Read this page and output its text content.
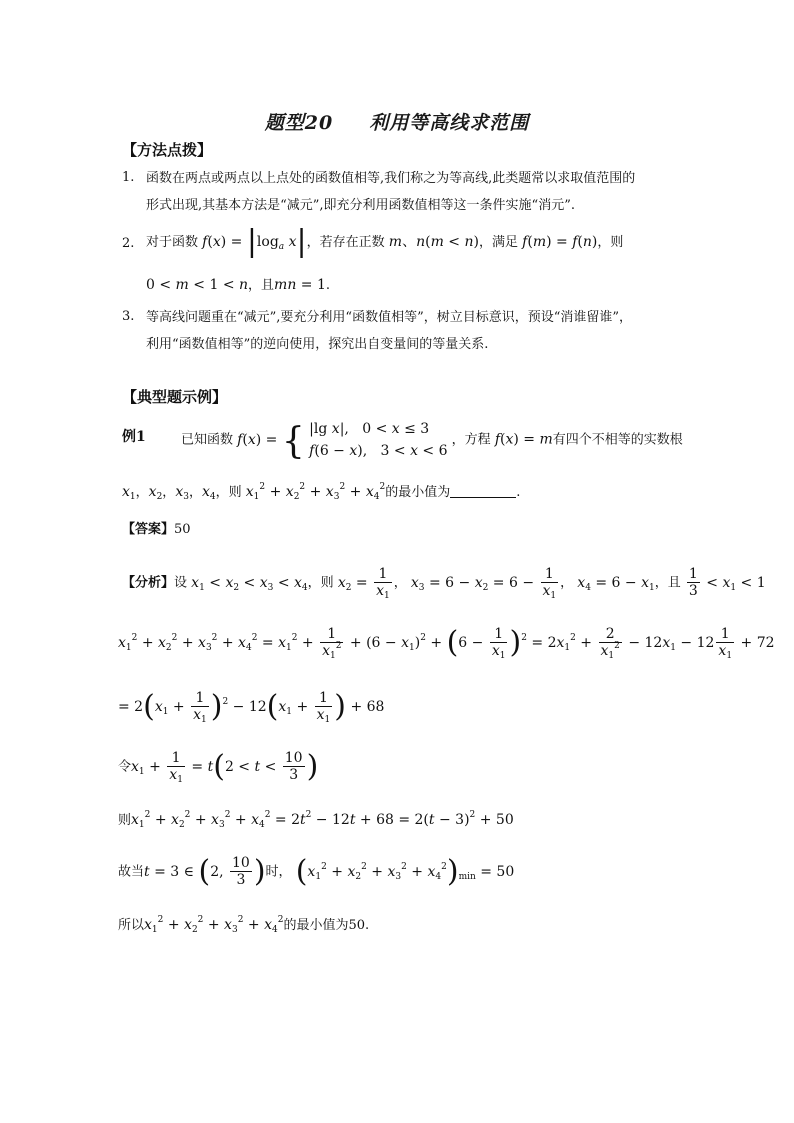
题型20 利用等高线求范围
【方法点拨】
1. 函数在两点或两点以上点处的函数值相等,我们称之为等高线,此类题常以求取值范围的
形式出现,其基本方法是“减元”,即充分利用函数值相等这一条件实施“消元”.
2. 对于函数 $f(x) = |\log_a$ x|，若存在正数 m、n(m < n)，满足 f(m) = f(n)，则
0 < m < 1 < n，且mn = 1.
3. 等高线问题重在“减元”,要充分利用“函数值相等”，树立目标意识，预设“消谁留谁”，
利用“函数值相等”的逆向使用，探究出自变量间的等量关系.
【典型题示例】
例1	已知函数 f(x) = { |lg x|,   0 < x ≤ 3
f(6 − x),   3 < x < 6
，方程 f(x) = m有四个不相等的实数根
$x_1$，$x_2$，$x_3$，$x_4$，则 $x_1^2 + x_2^2 + x_3^2 + x_4^2$的最小值为	.
【答案】50
【分析】设 $x_1 < x_2 < x_3 < x_4$，则 $x_2 = \frac{1}{x_1}$ ， $x_3 = 6 - x_2 = 6 - \frac{1}{x_1}$ ， $x_4 = 6 - x_1$，且 $\frac{1}{3} < x_1 < 1$
$x_1^2 + x_2^2 + x_3^2 + x_4^2 = x_1^2 + \frac{1}{x_1^2} + (6 - x_1)^2 + (6 - \frac{1}{x_1} )^2 = 2x_1^2 + \frac{2}{x_1^2} - 12x_1 - 12 \frac{1}{x_1} + 72$
= $2(x_1 + \frac{1}{x_1} )^2 - 12(x_1 + \frac{1}{x_1}$ ) + 68
令$x_1 + \frac{1}{x_1} = t(2 < t < \frac{10}{3}$ )
则$x_1^2 + x_2^2 + x_3^2 + x_4^2 = 2t^2 - 12t + 68 = 2(t - 3)^2 + 50$
故当t = 3 ∈ (2, $\frac{10}{3}$ )时， $(x_1^2 + x_2^2 + x_3^2 + x_4^2)_{min} = 50$
所以$x_1^2 + x_2^2 + x_3^2 + x_4^2$的最小值为50.
